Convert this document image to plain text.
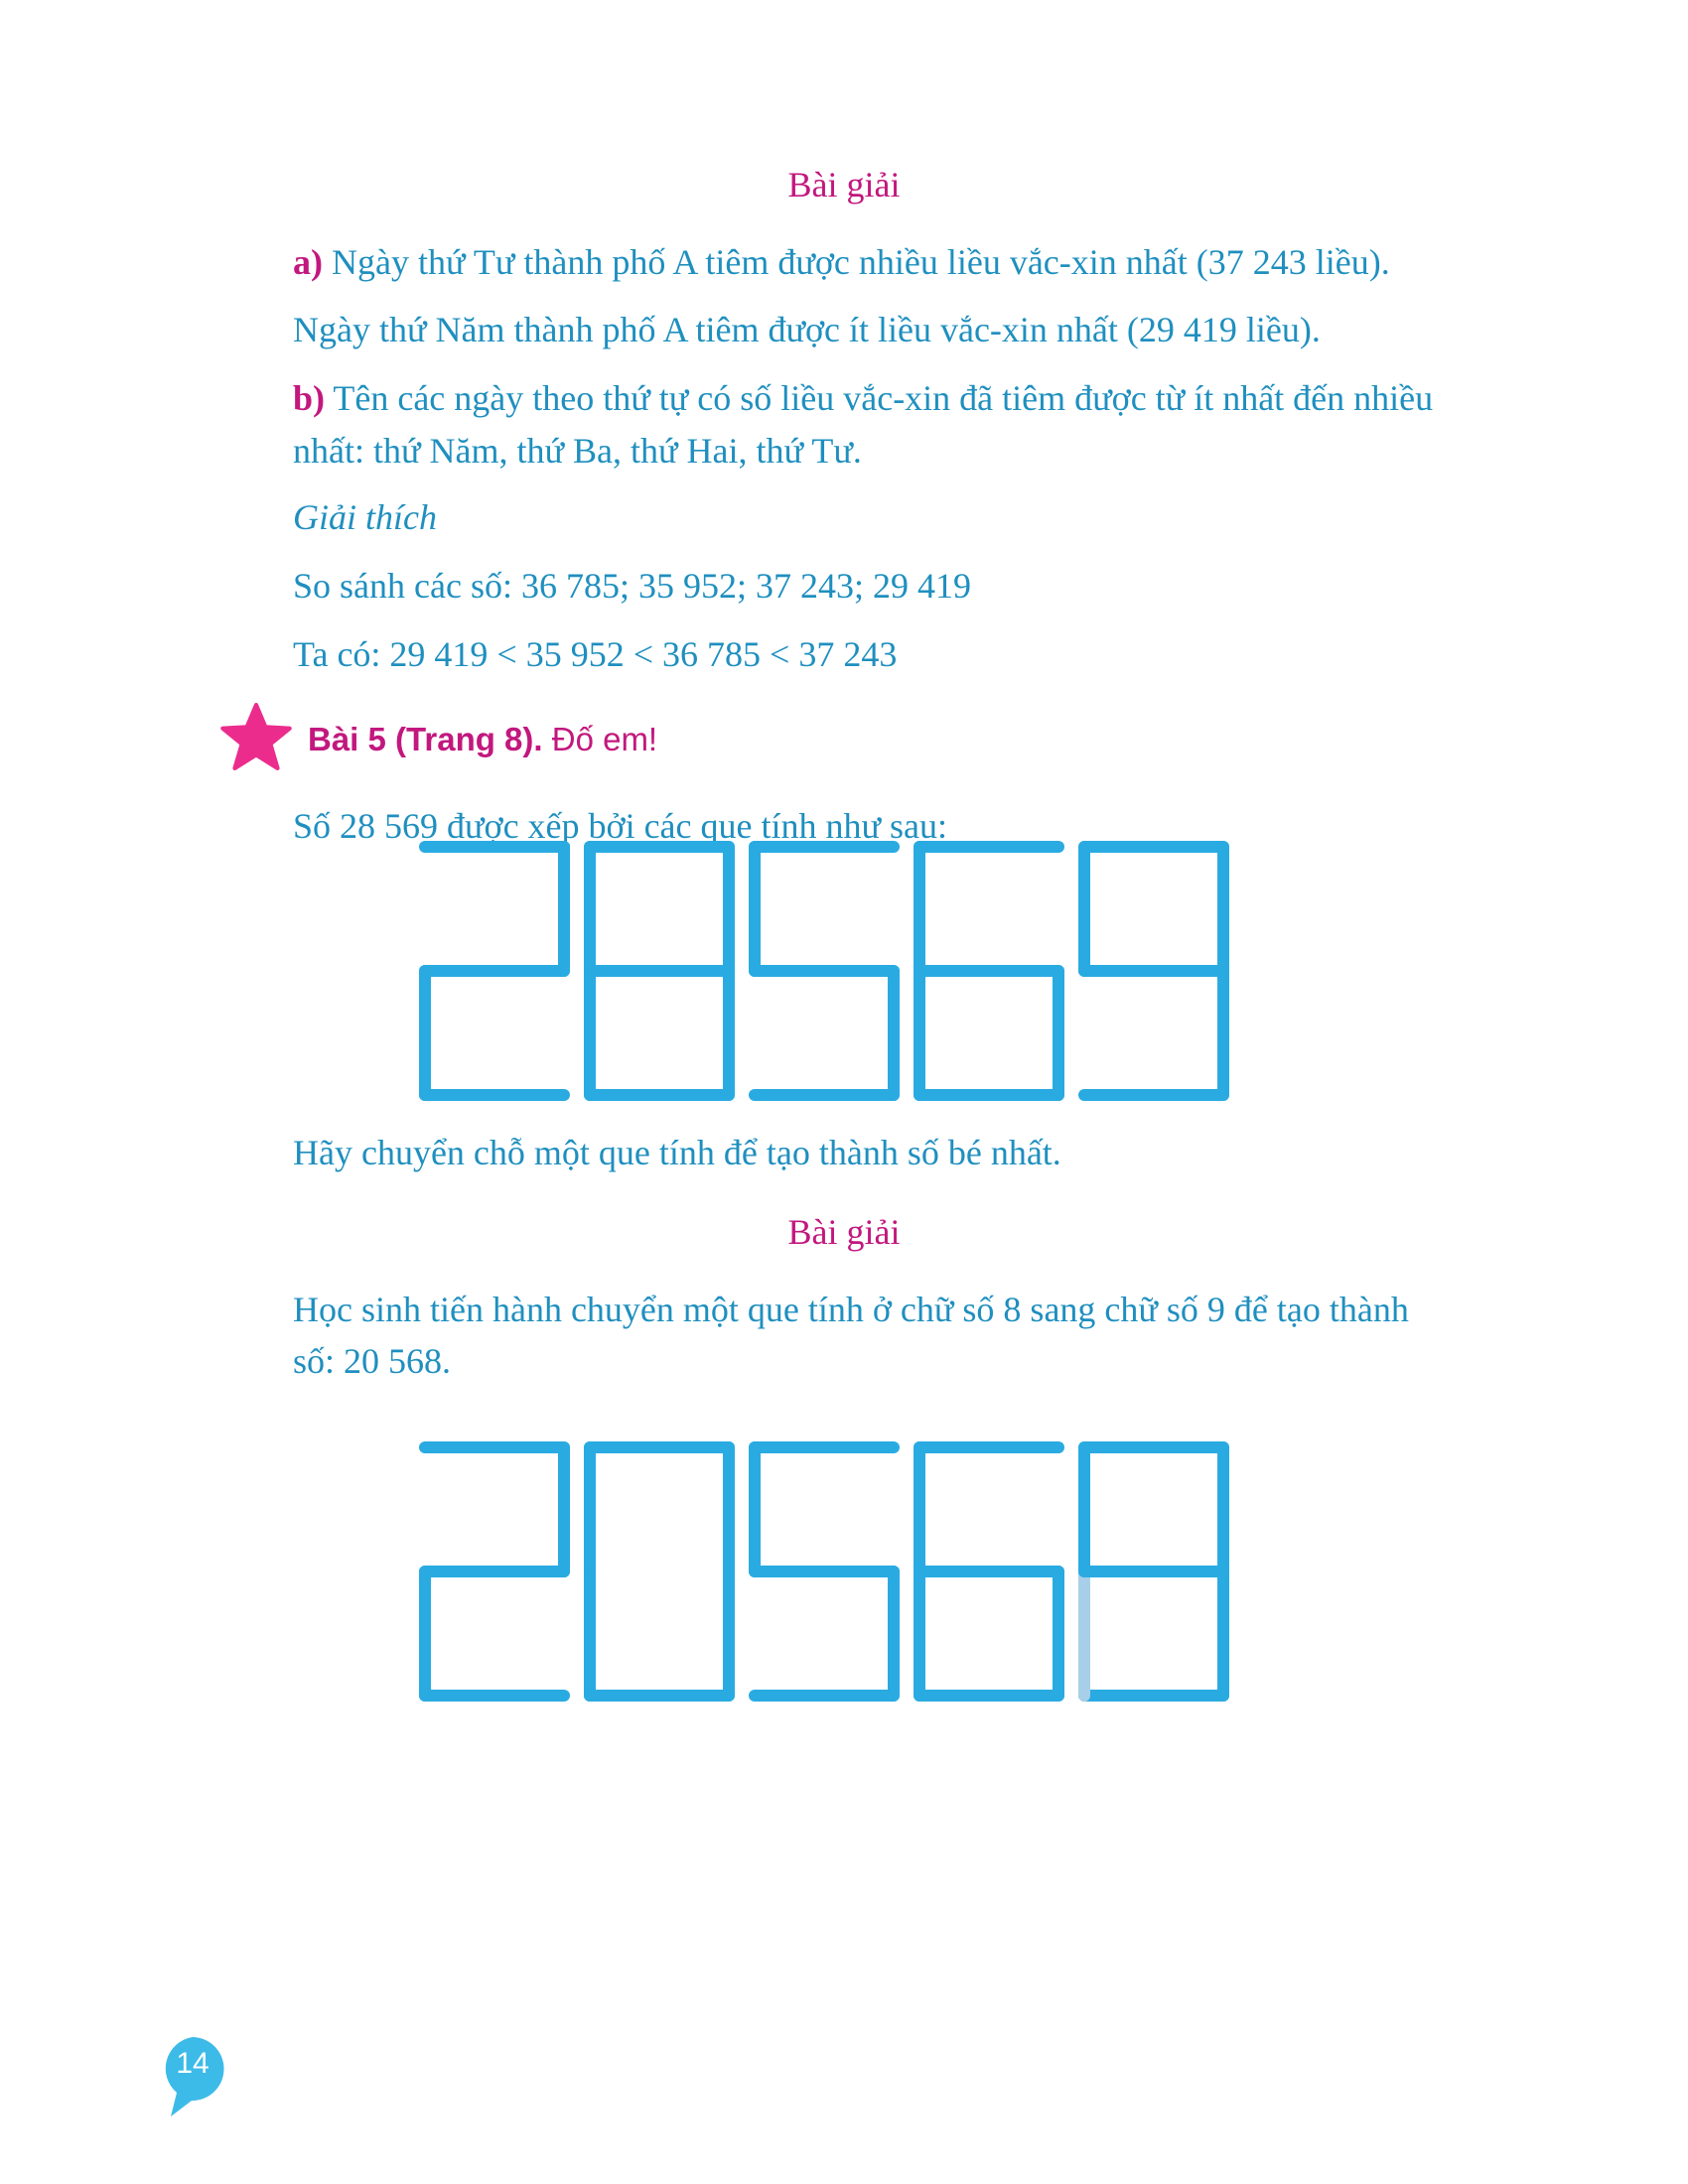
Bài giải
a) Ngày thứ Tư thành phố A tiêm được nhiều liều vắc-xin nhất (37 243 liều).
Ngày thứ Năm thành phố A tiêm được ít liều vắc-xin nhất (29 419 liều).
b) Tên các ngày theo thứ tự có số liều vắc-xin đã tiêm được từ ít nhất đến nhiều
nhất: thứ Năm, thứ Ba, thứ Hai, thứ Tư.
Giải thích
So sánh các số: 36 785; 35 952; 37 243; 29 419
Ta có: 29 419 < 35 952 < 36 785 < 37 243
Bài 5 (Trang 8). Đố em!
Số 28 569 được xếp bởi các que tính như sau:
Hãy chuyển chỗ một que tính để tạo thành số bé nhất.
Bài giải
Học sinh tiến hành chuyển một que tính ở chữ số 8 sang chữ số 9 để tạo thành
số: 20 568.
14
